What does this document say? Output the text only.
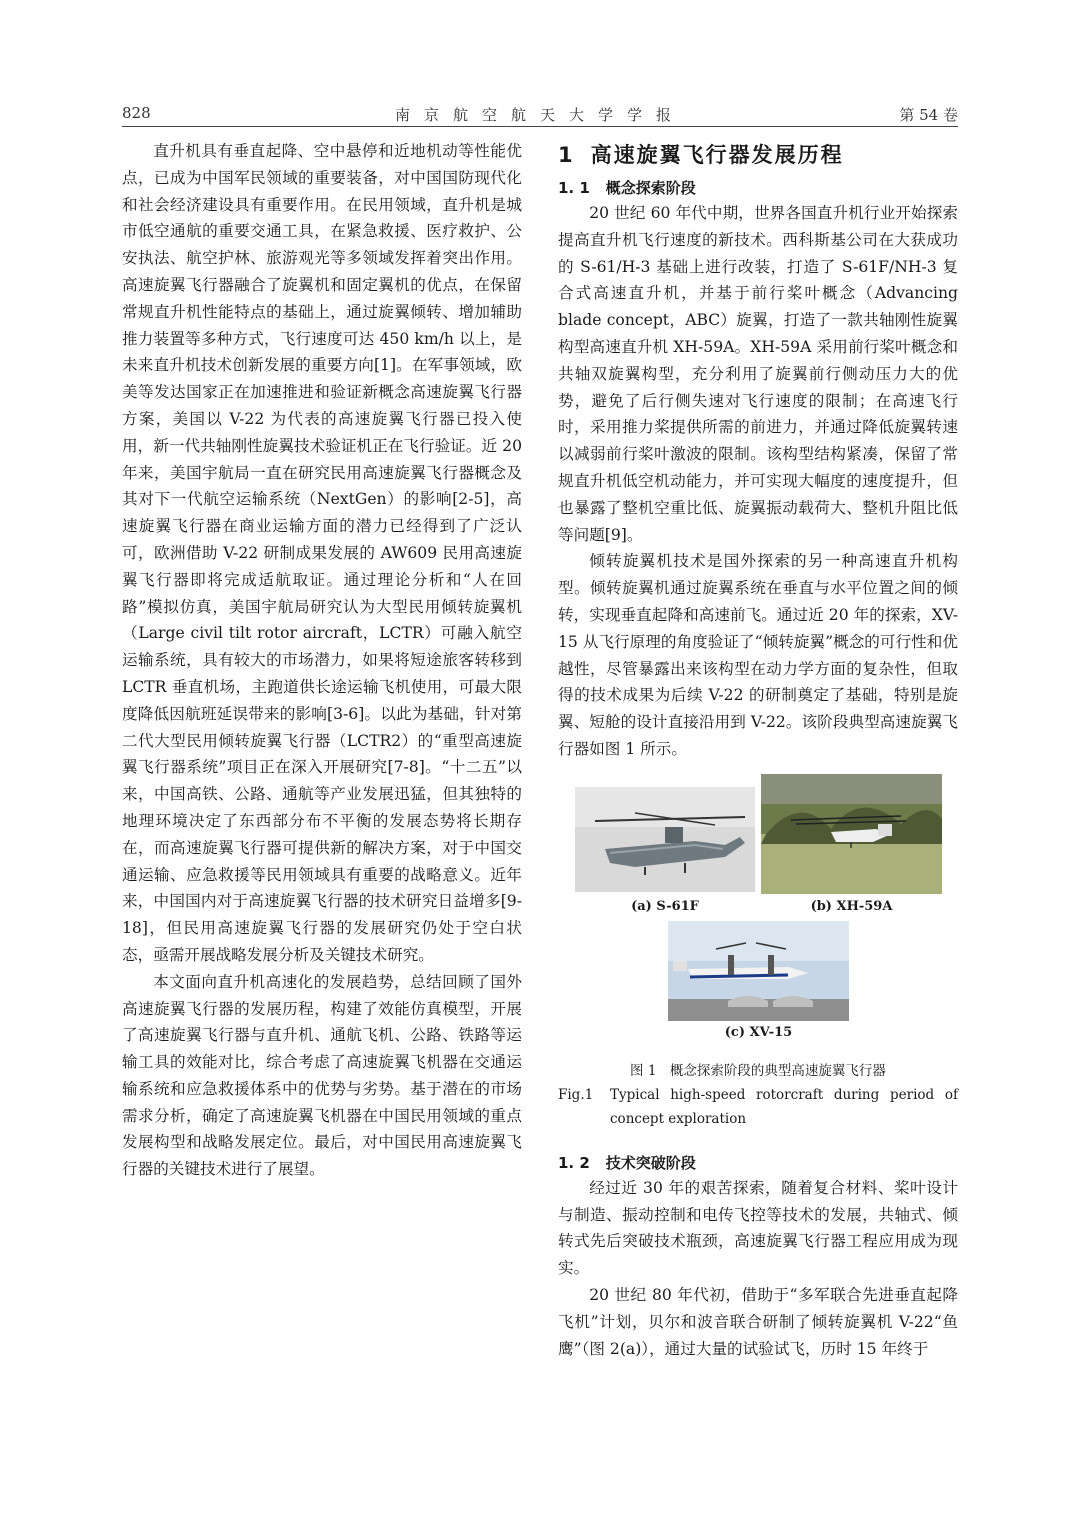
828	南京航空航天大学学报	第 54 卷

直升机具有垂直起降、空中悬停和近地机动等性能优点，已成为中国军民领域的重要装备，对中国国防现代化和社会经济建设具有重要作用。在民用领域，直升机是城市低空通航的重要交通工具，在紧急救援、医疗救护、公安执法、航空护林、旅游观光等多领域发挥着突出作用。高速旋翼飞行器融合了旋翼机和固定翼机的优点，在保留常规直升机性能特点的基础上，通过旋翼倾转、增加辅助推力装置等多种方式，飞行速度可达 450 km/h 以上，是未来直升机技术创新发展的重要方向[1]。在军事领域，欧美等发达国家正在加速推进和验证新概念高速旋翼飞行器方案，美国以 V-22 为代表的高速旋翼飞行器已投入使用，新一代共轴刚性旋翼技术验证机正在飞行验证。近 20 年来，美国宇航局一直在研究民用高速旋翼飞行器概念及其对下一代航空运输系统（NextGen）的影响[2-5]，高速旋翼飞行器在商业运输方面的潜力已经得到了广泛认可，欧洲借助 V-22 研制成果发展的 AW609 民用高速旋翼飞行器即将完成适航取证。通过理论分析和“人在回路”模拟仿真，美国宇航局研究认为大型民用倾转旋翼机（Large civil tilt rotor aircraft，LCTR）可融入航空运输系统，具有较大的市场潜力，如果将短途旅客转移到 LCTR 垂直机场，主跑道供长途运输飞机使用，可最大限度降低因航班延误带来的影响[3-6]。以此为基础，针对第二代大型民用倾转旋翼飞行器（LCTR2）的“重型高速旋翼飞行器系统”项目正在深入开展研究[7-8]。“十二五”以来，中国高铁、公路、通航等产业发展迅猛，但其独特的地理环境决定了东西部分布不平衡的发展态势将长期存在，而高速旋翼飞行器可提供新的解决方案，对于中国交通运输、应急救援等民用领域具有重要的战略意义。近年来，中国国内对于高速旋翼飞行器的技术研究日益增多[9-18]，但民用高速旋翼飞行器的发展研究仍处于空白状态，亟需开展战略发展分析及关键技术研究。

本文面向直升机高速化的发展趋势，总结回顾了国外高速旋翼飞行器的发展历程，构建了效能仿真模型，开展了高速旋翼飞行器与直升机、通航飞机、公路、铁路等运输工具的效能对比，综合考虑了高速旋翼飞机器在交通运输系统和应急救援体系中的优势与劣势。基于潜在的市场需求分析，确定了高速旋翼飞机器在中国民用领域的重点发展构型和战略发展定位。最后，对中国民用高速旋翼飞行器的关键技术进行了展望。

1 高速旋翼飞行器发展历程
1. 1 概念探索阶段

20 世纪 60 年代中期，世界各国直升机行业开始探索提高直升机飞行速度的新技术。西科斯基公司在大获成功的 S-61/H-3 基础上进行改装，打造了 S-61F/NH-3 复合式高速直升机，并基于前行桨叶概念（Advancing blade concept，ABC）旋翼，打造了一款共轴刚性旋翼构型高速直升机 XH-59A。XH-59A 采用前行桨叶概念和共轴双旋翼构型，充分利用了旋翼前行侧动压力大的优势，避免了后行侧失速对飞行速度的限制；在高速飞行时，采用推力桨提供所需的前进力，并通过降低旋翼转速以减弱前行桨叶激波的限制。该构型结构紧凑，保留了常规直升机低空机动能力，并可实现大幅度的速度提升，但也暴露了整机空重比低、旋翼振动载荷大、整机升阻比低等问题[9]。

倾转旋翼机技术是国外探索的另一种高速直升机构型。倾转旋翼机通过旋翼系统在垂直与水平位置之间的倾转，实现垂直起降和高速前飞。通过近 20 年的探索，XV-15 从飞行原理的角度验证了“倾转旋翼”概念的可行性和优越性，尽管暴露出来该构型在动力学方面的复杂性，但取得的技术成果为后续 V-22 的研制奠定了基础，特别是旋翼、短舱的设计直接沿用到 V-22。该阶段典型高速旋翼飞行器如图 1 所示。

(a) S-61F	(b) XH-59A
(c) XV-15
图 1　概念探索阶段的典型高速旋翼飞行器
Fig.1 Typical high-speed rotorcraft during period of concept exploration
1. 2 技术突破阶段

经过近 30 年的艰苦探索，随着复合材料、桨叶设计与制造、振动控制和电传飞控等技术的发展，共轴式、倾转式先后突破技术瓶颈，高速旋翼飞行器工程应用成为现实。

20 世纪 80 年代初，借助于“多军联合先进垂直起降飞机”计划，贝尔和波音联合研制了倾转旋翼机 V-22“鱼鹰”（图 2(a)），通过大量的试验试飞，历时 15 年终于
